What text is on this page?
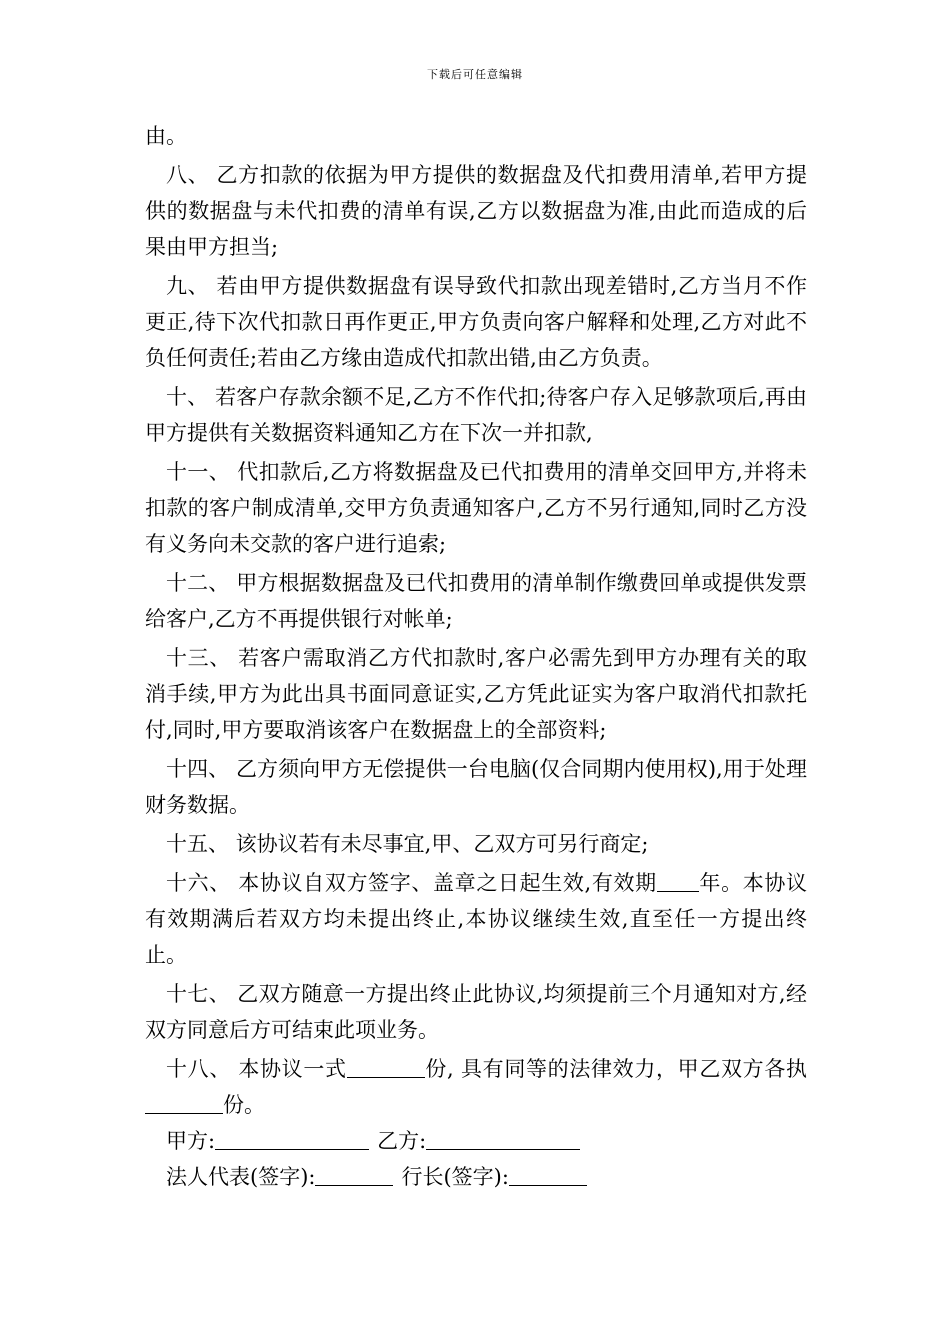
下载后可任意编辑

由。

八、 乙方扣款的依据为甲方提供的数据盘及代扣费用清单,若甲方提供的数据盘与未代扣费的清单有误,乙方以数据盘为准,由此而造成的后果由甲方担当;

九、 若由甲方提供数据盘有误导致代扣款出现差错时,乙方当月不作更正,待下次代扣款日再作更正,甲方负责向客户解释和处理,乙方对此不负任何责任;若由乙方缘由造成代扣款出错,由乙方负责。

十、 若客户存款余额不足,乙方不作代扣;待客户存入足够款项后,再由甲方提供有关数据资料通知乙方在下次一并扣款,

十一、 代扣款后,乙方将数据盘及已代扣费用的清单交回甲方,并将未扣款的客户制成清单,交甲方负责通知客户,乙方不另行通知,同时乙方没有义务向未交款的客户进行追索;

十二、 甲方根据数据盘及已代扣费用的清单制作缴费回单或提供发票给客户,乙方不再提供银行对帐单;

十三、 若客户需取消乙方代扣款时,客户必需先到甲方办理有关的取消手续,甲方为此出具书面同意证实,乙方凭此证实为客户取消代扣款托付,同时,甲方要取消该客户在数据盘上的全部资料;

十四、 乙方须向甲方无偿提供一台电脑(仅合同期内使用权),用于处理财务数据。

十五、 该协议若有未尽事宜,甲、乙双方可另行商定;

十六、 本协议自双方签字、盖章之日起生效,有效期 年。本协议有效期满后若双方均未提出终止,本协议继续生效,直至任一方提出终止。

十七、 乙双方随意一方提出终止此协议,均须提前三个月通知对方,经双方同意后方可结束此项业务。

十八、 本协议一式	份, 具有同等的法律效力，甲乙双方各执份。

甲方:	乙方:

法人代表(签字):	行长(签字):
